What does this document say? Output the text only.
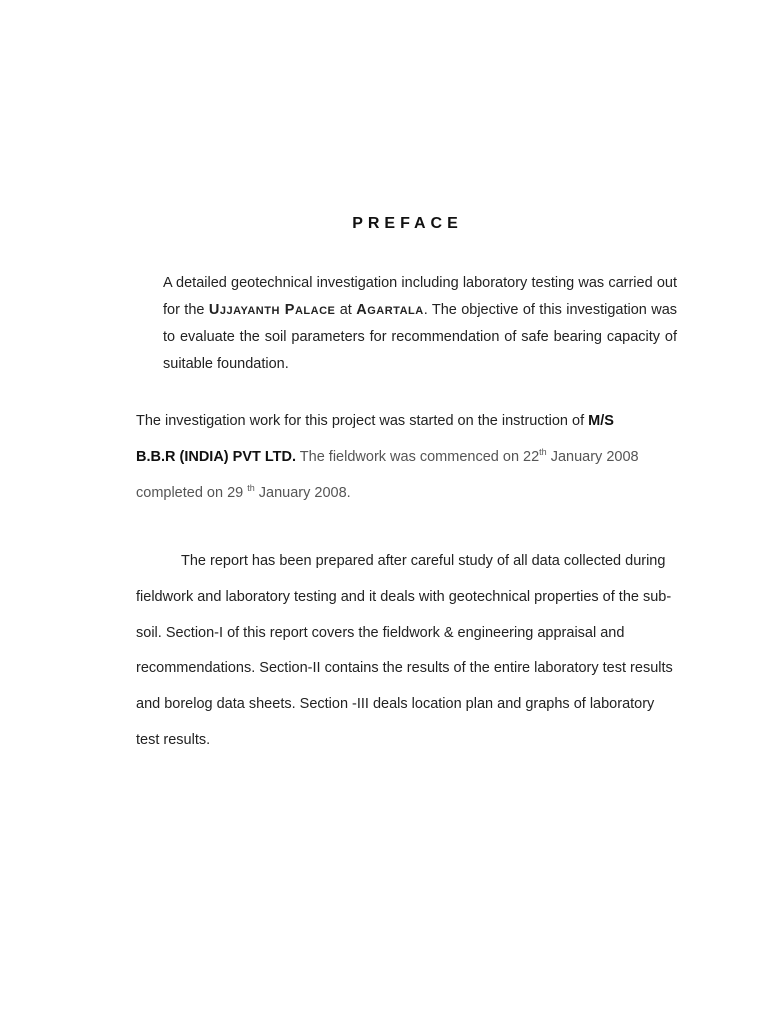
PREFACE
A detailed geotechnical investigation including laboratory testing was carried out for the UJJAYANTH PALACE at AGARTALA. The objective of this investigation was to evaluate the soil parameters for recommendation of safe bearing capacity of suitable foundation.
The investigation work for this project was started on the instruction of M/S
B.B.R (INDIA) PVT LTD. The fieldwork was commenced on 22th January 2008
completed on 29 $^{th}$ January 2008.
The report has been prepared after careful study of all data collected during fieldwork and laboratory testing and it deals with geotechnical properties of the sub-soil. Section-I of this report covers the fieldwork & engineering appraisal and recommendations. Section-II contains the results of the entire laboratory test results and borelog data sheets. Section -III deals location plan and graphs of laboratory test results.
